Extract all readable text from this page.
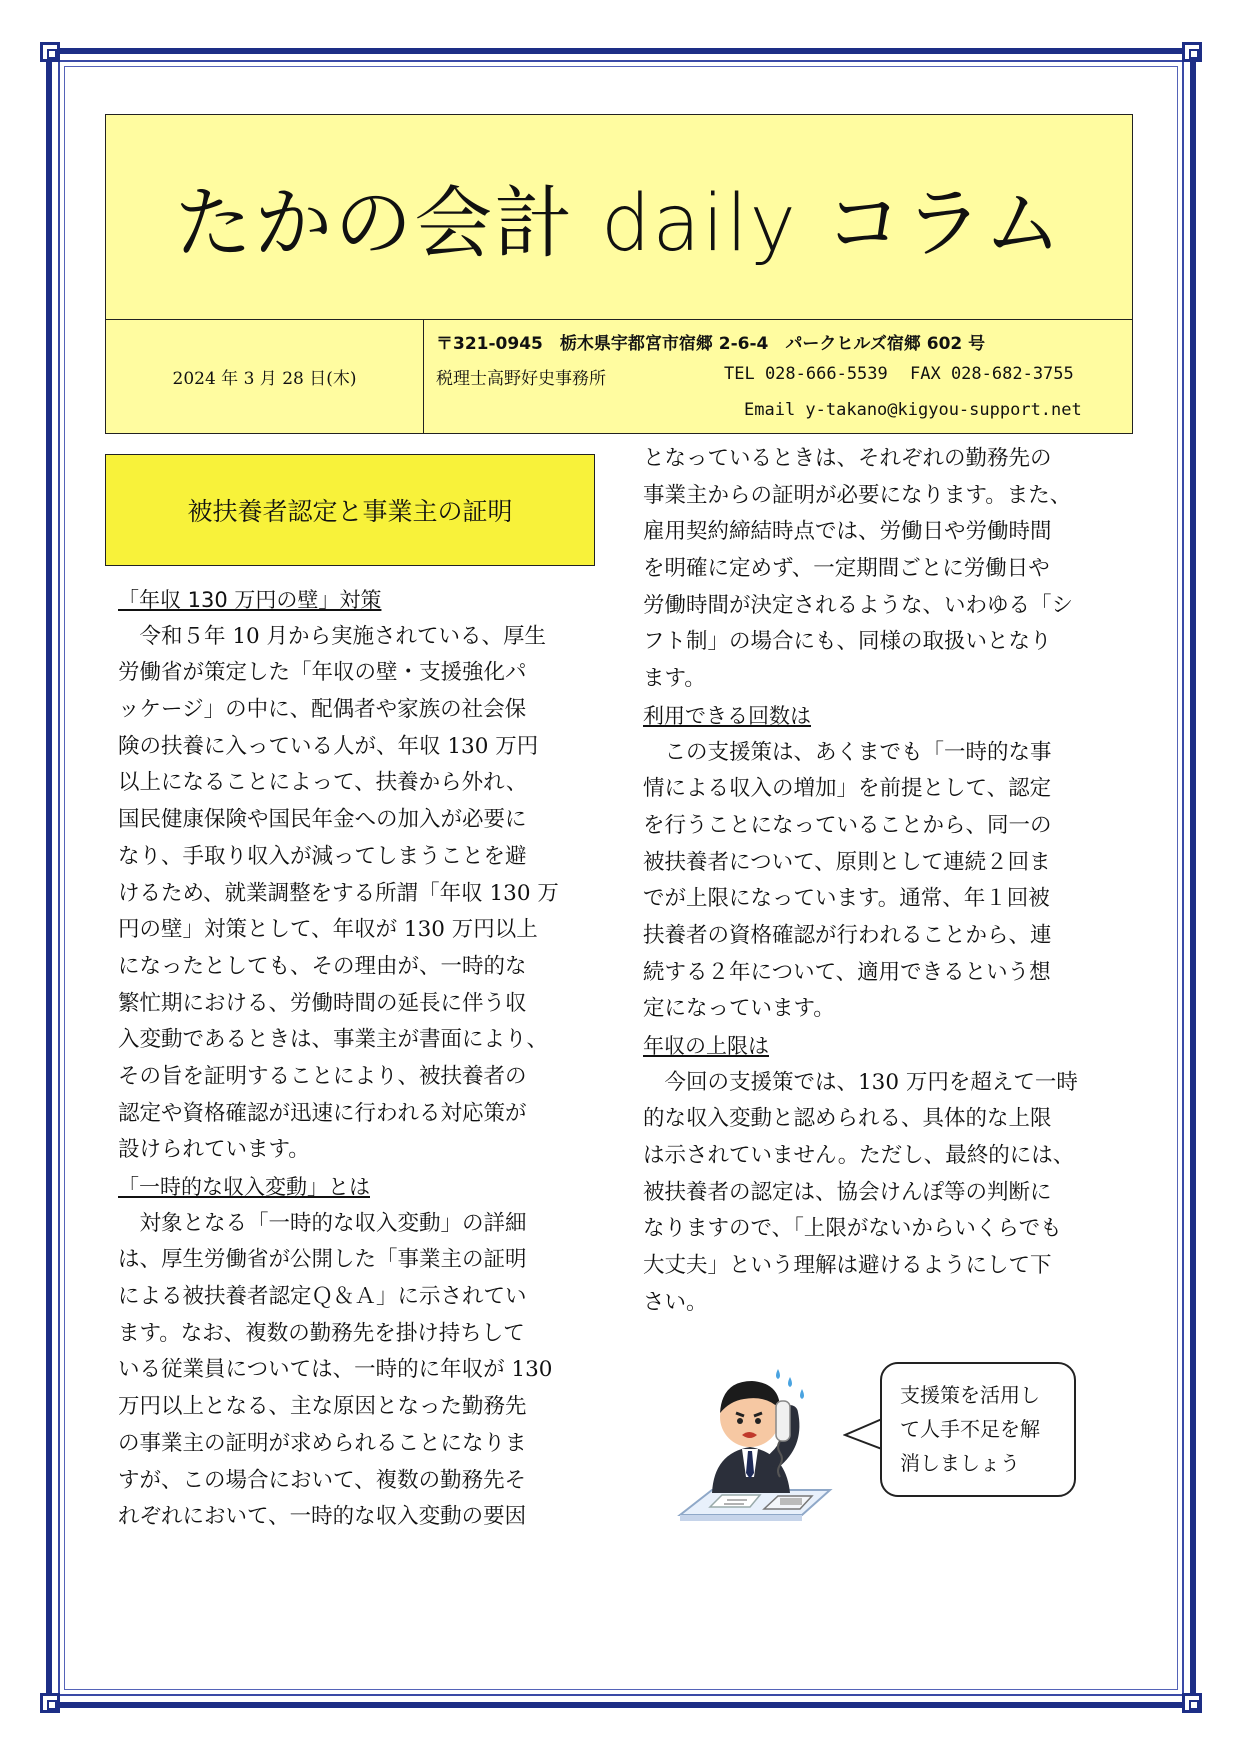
たかの会計 daily コラム
2024 年 3 月 28 日(木)
〒321-0945　栃木県宇都宮市宿郷 2-6-4　パークヒルズ宿郷 602 号
税理士高野好史事務所	TEL 028-666-5539 FAX 028-682-3755
Email y-takano@kigyou-support.net
被扶養者認定と事業主の証明
「年収 130 万円の壁」対策
　令和５年 10 月から実施されている、厚生
労働省が策定した「年収の壁・支援強化パ
ッケージ」の中に、配偶者や家族の社会保
険の扶養に入っている人が、年収 130 万円
以上になることによって、扶養から外れ、
国民健康保険や国民年金への加入が必要に
なり、手取り収入が減ってしまうことを避
けるため、就業調整をする所謂「年収 130 万
円の壁」対策として、年収が 130 万円以上
になったとしても、その理由が、一時的な
繁忙期における、労働時間の延長に伴う収
入変動であるときは、事業主が書面により、
その旨を証明することにより、被扶養者の
認定や資格確認が迅速に行われる対応策が
設けられています。
「一時的な収入変動」とは
　対象となる「一時的な収入変動」の詳細
は、厚生労働省が公開した「事業主の証明
による被扶養者認定Ｑ＆Ａ」に示されてい
ます。なお、複数の勤務先を掛け持ちして
いる従業員については、一時的に年収が 130
万円以上となる、主な原因となった勤務先
の事業主の証明が求められることになりま
すが、この場合において、複数の勤務先そ
れぞれにおいて、一時的な収入変動の要因
となっているときは、それぞれの勤務先の
事業主からの証明が必要になります。また、
雇用契約締結時点では、労働日や労働時間
を明確に定めず、一定期間ごとに労働日や
労働時間が決定されるような、いわゆる「シ
フト制」の場合にも、同様の取扱いとなり
ます。
利用できる回数は
　この支援策は、あくまでも「一時的な事
情による収入の増加」を前提として、認定
を行うことになっていることから、同一の
被扶養者について、原則として連続２回ま
でが上限になっています。通常、年１回被
扶養者の資格確認が行われることから、連
続する２年について、適用できるという想
定になっています。
年収の上限は
　今回の支援策では、130 万円を超えて一時
的な収入変動と認められる、具体的な上限
は示されていません。ただし、最終的には、
被扶養者の認定は、協会けんぽ等の判断に
なりますので、「上限がないからいくらでも
大丈夫」という理解は避けるようにして下
さい。
支援策を活用し
て人手不足を解
消しましょう
